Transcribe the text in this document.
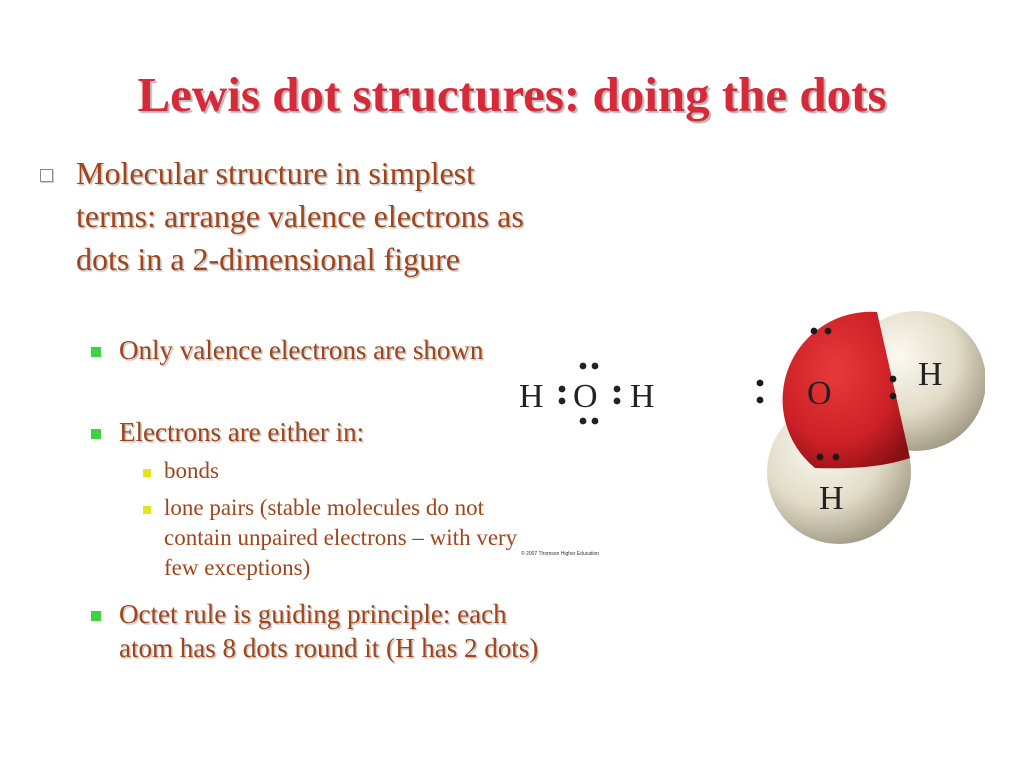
Lewis dot structures: doing the dots
Molecular structure in simplest terms: arrange valence electrons as dots in a 2-dimensional figure
Only valence electrons are shown
Electrons are either in:
bonds
lone pairs (stable molecules do not contain unpaired electrons – with very few exceptions)
Octet rule is guiding principle: each atom has 8 dots round it (H has 2 dots)
H O H	O
H
H
© 2007 Thomson Higher Education
